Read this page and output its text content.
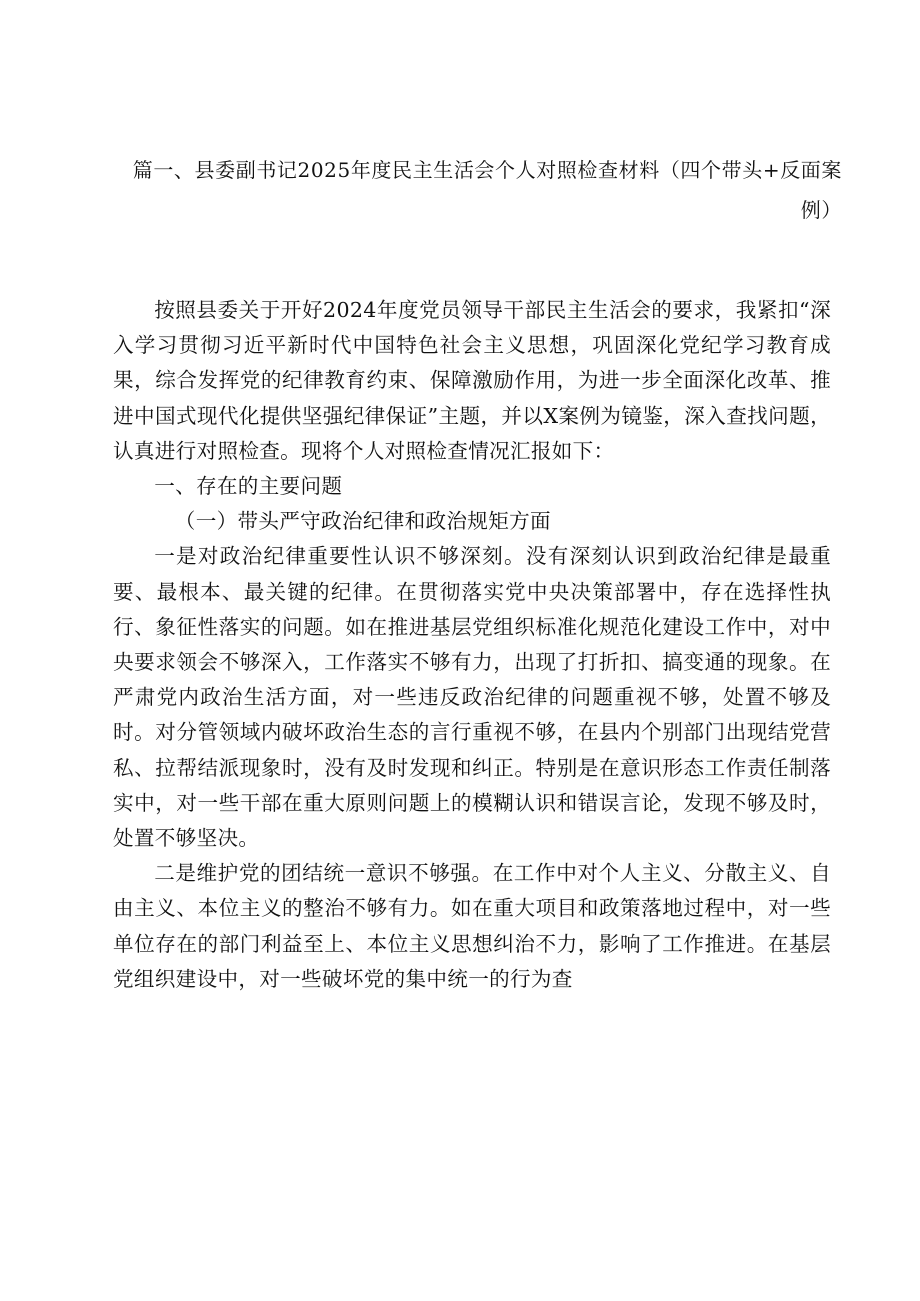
篇一、县委副书记2025年度民主生活会个人对照检查材料（四个带头+反面案例）

按照县委关于开好2024年度党员领导干部民主生活会的要求，我紧扣“深入学习贯彻习近平新时代中国特色社会主义思想，巩固深化党纪学习教育成果，综合发挥党的纪律教育约束、保障激励作用，为进一步全面深化改革、推进中国式现代化提供坚强纪律保证”主题，并以X案例为镜鉴，深入查找问题，认真进行对照检查。现将个人对照检查情况汇报如下：

一、存在的主要问题

（一）带头严守政治纪律和政治规矩方面

一是对政治纪律重要性认识不够深刻。没有深刻认识到政治纪律是最重要、最根本、最关键的纪律。在贯彻落实党中央决策部署中，存在选择性执行、象征性落实的问题。如在推进基层党组织标准化规范化建设工作中，对中央要求领会不够深入，工作落实不够有力，出现了打折扣、搞变通的现象。在严肃党内政治生活方面，对一些违反政治纪律的问题重视不够，处置不够及时。对分管领域内破坏政治生态的言行重视不够，在县内个别部门出现结党营私、拉帮结派现象时，没有及时发现和纠正。特别是在意识形态工作责任制落实中，对一些干部在重大原则问题上的模糊认识和错误言论，发现不够及时，处置不够坚决。

二是维护党的团结统一意识不够强。在工作中对个人主义、分散主义、自由主义、本位主义的整治不够有力。如在重大项目和政策落地过程中，对一些单位存在的部门利益至上、本位主义思想纠治不力，影响了工作推进。在基层党组织建设中，对一些破坏党的集中统一的行为查
